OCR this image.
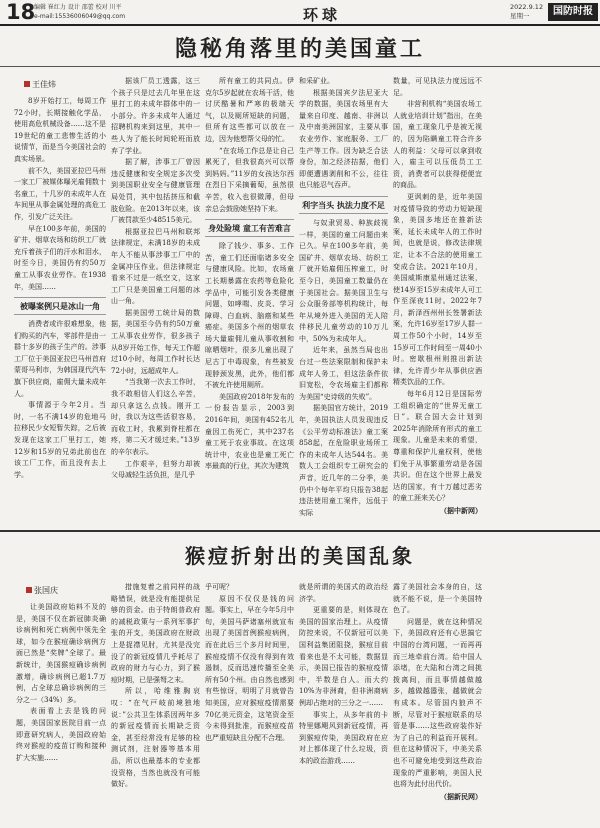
18
编辑 崔红力 设计 邵蕾 校对 川平
e-mail:15536006049@qq.com	环球	2022.9.12
星期一	国防时报
隐秘角落里的美国童工
王佳炜

8岁开始打工，每周工作72小时，长期接触化学品，使用高危机械设备……这不是19世纪的童工悲惨生活的小说情节，而是当今美国社会的真实场景。

前不久，美国亚拉巴马州一家工厂被媒体曝光雇佣数十名童工，十几岁的未成年人在车间里从事金属处理的高危工作，引发广泛关注。

早在100多年前，美国的矿井、烟草农场和纺织工厂就充斥着孩子们的汗水和泪水，时至今日，美国仍有约50万童工从事农业劳作。在1938年，美国……

被曝案例只是冰山一角

消费者或许很难想象，他们购买的汽车，零部件是由一群十多岁的孩子生产的。涉事工厂位于美国亚拉巴马州首府蒙哥马利市，为韩国现代汽车旗下供应商，雇佣大量未成年人。

事情源于今年2月。当时，一名不满14岁的危地马拉移民少女短暂失踪，之后被发现在这家工厂里打工，她12岁和15岁的兄弟此前也在该工厂工作，而且没有去上学。

据该厂员工透露，这三个孩子只是过去几年里在这里打工的未成年群体中的一小部分。许多未成年人通过招聘机构来到这里，其中一些人为了能长时间轮班而放弃了学业。

据了解，涉事工厂曾因违反健康和安全规定多次受到美国职业安全与健康管理局处罚，其中包括挤压和截肢危险。在2013年以来，该厂被罚款至少48515美元。

根据亚拉巴马州和联邦法律规定，未满18岁的未成年人不能从事涉事工厂中的金属冲压作业。但法律规定看来不过是一纸空文，这家工厂只是美国童工问题的冰山一角。

据美国劳工统计局的数据，美国至今仍有约50万童工从事农业劳作，很多孩子从8岁开始工作，每天工作超过10小时，每周工作时长达72小时，远超成年人。

“当我第一次去工作时，我不敢相信人们这么辛苦，却只拿这么点钱。刚开工时，我以为这些活很容易，而收工时，我累到脊柱都在疼，第二天才缓过来。”13岁的辛尔表示。

工作艰辛，但努力却被父母减轻生活负担，是几乎

所有童工的共同点。伊克尔5岁起就在农场干活，他讨厌酷暑和严寒的极端天气，以及厕所短缺的问题，但所有这些都可以放在一边，因为他想帮父母的忙。

“在农场工作总是让自己累死了，但我很高兴可以帮到妈妈。”11岁的女孩达尔西在烈日下采摘葡萄，虽然很辛苦，收入也很微薄，但母亲总会鼓励她坚持下来。

身处险境 童工有苦难言

除了钱少、事多、工作苦，童工们还面临诸多安全与健康风险。比如，农场童工长期暴露在农药等危险化学品中，可能引发各类健康问题，如哮喘、皮炎、学习障碍、白血病、脑癌和某些癌症。美国多个州的烟草农场大量雇佣儿童从事收割和晾晒烟叶，很多儿童出现了尼古丁中毒现象，有些被发现脖颈发黑，此外，他们都不被允许使用厕所。

美国政府2018年发布的一份报告显示，2003到2016年间，美国有452名儿童因工伤死亡，其中237名童工死于农业事故。在这项统计中，农业也是童工死亡率最高的行业，其次为建筑

和采矿业。

根据美国宾夕法尼亚大学的数据，美国农场里有大量来自印度、越南、非洲以及中南美洲国家，主要从事农业劳作、家庭服务、工厂生产等工作。因为缺乏合法身份，加之经济拮据，他们即便遭遇剥削和不公，往往也只能忍气吞声。

利字当头 执法力度不足

与奴隶贸易、种族歧视一样，美国的童工问题由来已久。早在100多年前，美国矿井、烟草农场、纺织工厂就开始雇佣压榨童工，时至今日，美国童工数量仍在于美国社会。据美国卫生与公众服务部等机构统计，每年从境外进入美国的无人陪伴移民儿童劳动的10万儿中，50%为未成年人。

近年来，虽然当局也出台过一些法案限制和保护未成年人务工，但这法条件依旧宽松，令农场雇主们都称为美国“史诗级的失败”。

据美国官方统计，2019年，美国执法人员发现违反《公平劳动标准法》童工案858起，在危险职业场所工作的未成年人达544名。美数人工会组织专工研究会的声音，近几年的二分季，美仍中个每年平均只报告38起违法使用童工案件，远低于实际

数量，可见执法力度远远不足。

非营利机构“美国农场工人就业培训计划”指出，在美国，童工现象几乎是被无视的，因为陷瞒童工符合许多人的利益：父母可以拿到收入，雇主可以压低员工工资，消费者可以获得便便宜的商品。

更讽刺的是，近年美国对疫情导致的劳动力短缺现象，美国多地还在推新法案，延长未成年人的工作时间，也就是说，修改法律规定，让本不合法的使用童工变成合法。2021年10月，美国威斯康星州通过法案，使14岁至15岁未成年人可工作至深夜11时。2022年7月，新泽西州州长签署新法案，允许16岁至17岁人群一周工作50个小时，14岁至15岁可工作时间至一周40小时。密歇根州则推出新法律，允许青少年从事供应酒精类饮品的工作。

每年6月12日是国际劳工组织确定的“世界无童工日”。联合国大会计划到2025年消除所有形式的童工现象。儿童是未来的希望，尊重和保护儿童权利，使他们免于从事繁重劳动是各国共识。但在这个世界上最发达的国家，有十万越过恶劣的童工涯来关心？

（据中新网）
猴痘折射出的美国乱象
张国庆

让美国政府始料不及的是，美国不仅在新冠肺炎确诊病例和死亡病例中领先全球，如今在猴痘确诊病例方面已然是“奖牌”全球了。最新统计，美国猴痘确诊病例激增，确诊病例已超1.7万例，占全球总确诊病例的三分之一（34%）多。

表面看上去是钱的问题，美国国家医院目前一点即意研究病人，美国政府始终对猴痘的疫苗订购和接种扩大实施……

措施复着之前同样的战略错误，就是没有能提供足够的资金。由于特朗普政府的减税政策与一系列军事扩张的开支，美国政府在财政上是捉襟见肘，尤其是没完没了的新冠疫情几乎耗尽了政府的财力与心力，到了猴痘时期，已是强弩之末。

所以，哈维雅胸哀叹：“在气戸岐前境独地说：”公共卫生体系因两年多的新冠疫情而长期缺乏资金，甚至经常没有足够的检测试剂，注射器等基本用品，所以也最基本的专业都没资格，当然也就没有可能做好。

乎可呢？

原因不仅仅是钱的问题。事实上，早在今年5月中旬，美国马萨诸塞州就宣布出现了美国首例猴痘病例，而在此后三个多月时间里，猴痘疫情不仅没有得到有效遏制，反而迅速传播至全美所有50个州。由自然也感到有些惊讶，明明了月就曾告知美国，应对猴痘疫情需要70亿美元资金，这笔资金至今未得到批准，而猴痘疫苗也严重短缺且分配不合理。

就是所谓的美国式的政治经济学。

更重要的是，则体现在美国的国家治理上。从疫情防控来说，不仅新冠可以美国利益集团阻挠，猴痘目前看来也是不太可能，数据显示，美国已报告的猴痘疫情中，半数是白人。而大约10%为非洲裔，但非洲裔病例却占绝对的三分之一……

事实上，从多年前的卡特里娜飓风到新冠疫情，再到猴痘传染，美国政府在应对上都体现了什么垃圾，资本的政治游戏……

露了美国社会本身的自，这就不能不说，是一个美国特色了。

问题是，就在这种情况下，美国政府还有心思搞它中国的台湾问题，一而再再而三地牵前台湾。给中国人添堵，在大陆和台湾之间挑拨离间，而且事情越做越多，越做越嚣张，越做就会有成本。尽管国内狼声不断，尽管对于猴痘联系的尽管是事……这些政府装作好为了自己的利益而开展利。但在这种情况下，中美关系也不可避免地受到这些政治现象的严重影响，美国人民也将为此付出代价。

（据新民网）
